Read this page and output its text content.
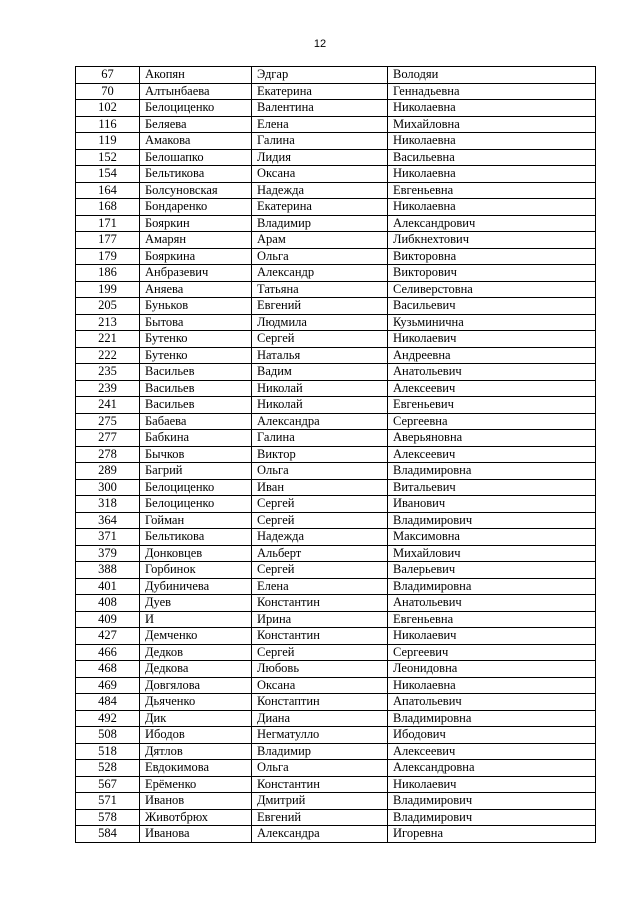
12
67	Акопян	Эдгар	Володяи
70	Алтынбаева	Екатерина	Геннадьевна
102	Белоциценко	Валентина	Николаевна
116	Беляева	Елена	Михайловна
119	Амакова	Галина	Николаевна
152	Белошапко	Лидия	Васильевна
154	Бельтикова	Оксана	Николаевна
164	Болсуновская	Надежда	Евгеньевна
168	Бондаренко	Екатерина	Николаевна
171	Бояркин	Владимир	Александрович
177	Амарян	Арам	Либкнехтович
179	Бояркина	Ольга	Викторовна
186	Анбразевич	Александр	Викторович
199	Аняева	Татьяна	Селиверстовна
205	Буньков	Евгений	Васильевич
213	Бытова	Людмила	Кузьминична
221	Бутенко	Сергей	Николаевич
222	Бутенко	Наталья	Андреевна
235	Васильев	Вадим	Анатольевич
239	Васильев	Николай	Алексеевич
241	Васильев	Николай	Евгеньевич
275	Бабаева	Александра	Сергеевна
277	Бабкина	Галина	Аверьяновна
278	Бычков	Виктор	Алексеевич
289	Багрий	Ольга	Владимировна
300	Белоциценко	Иван	Витальевич
318	Белоциценко	Сергей	Иванович
364	Гойман	Сергей	Владимирович
371	Бельтикова	Надежда	Максимовна
379	Донковцев	Альберт	Михайлович
388	Горбинок	Сергей	Валерьевич
401	Дубиничева	Елена	Владимировна
408	Дуев	Константин	Анатольевич
409	И	Ирина	Евгеньевна
427	Демченко	Константин	Николаевич
466	Дедков	Сергей	Сергеевич
468	Дедкова	Любовь	Леонидовна
469	Довгялова	Оксана	Николаевна
484	Дьяченко	Констаптин	Апатольевич
492	Дик	Диана	Владимировна
508	Ибодов	Негматулло	Ибодович
518	Дятлов	Владимир	Алексеевич
528	Евдокимова	Ольга	Александровна
567	Ерёменко	Константин	Николаевич
571	Иванов	Дмитрий	Владимирович
578	Животбрюх	Евгений	Владимирович
584	Иванова	Александра	Игоревна
